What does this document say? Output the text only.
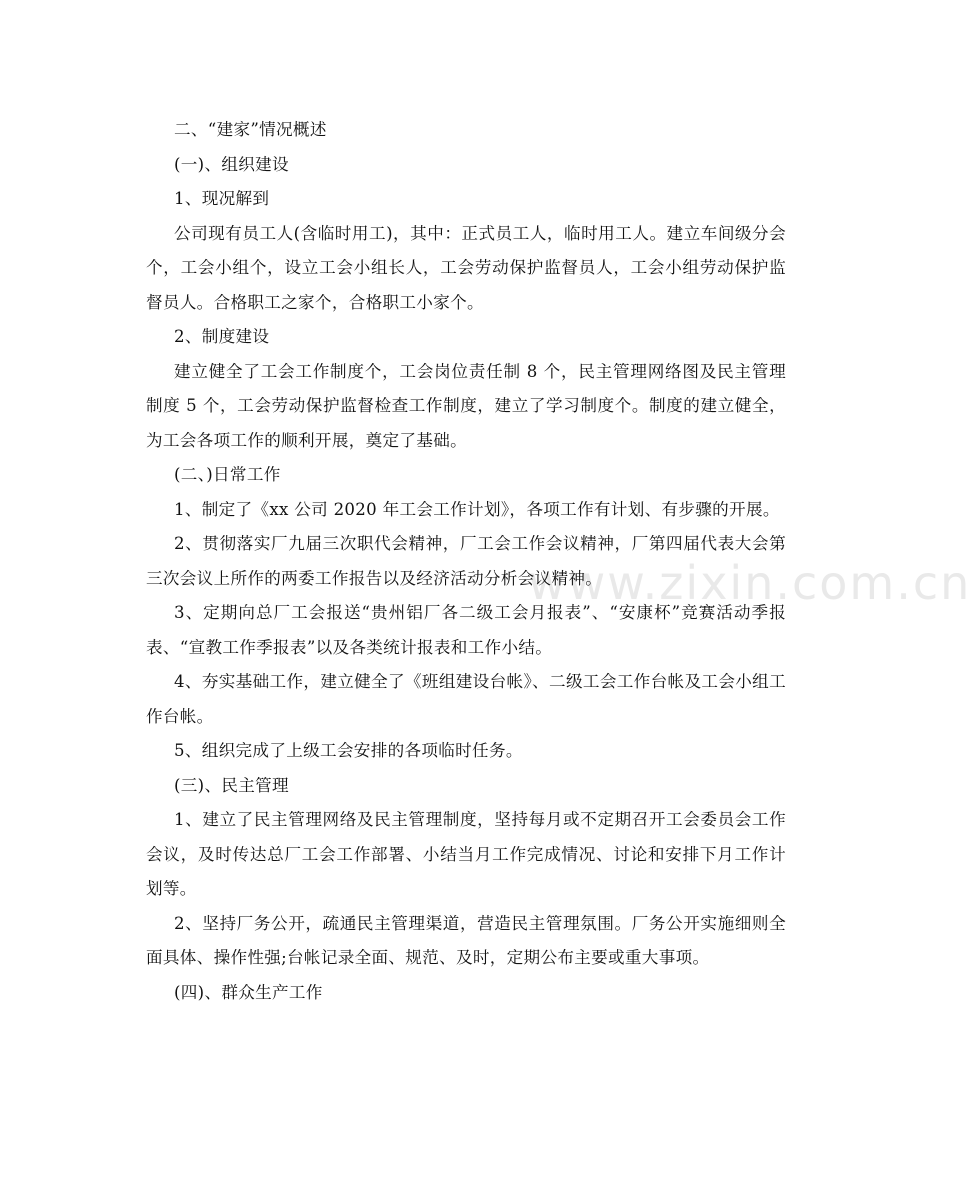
www.zixin.com.cn

二、“建家”情况概述

(一)、组织建设

1、现况解到

公司现有员工人(含临时用工)，其中：正式员工人，临时用工人。建立车间级分会个，工会小组个，设立工会小组长人，工会劳动保护监督员人，工会小组劳动保护监督员人。合格职工之家个，合格职工小家个。

2、制度建设

建立健全了工会工作制度个，工会岗位责任制 8 个，民主管理网络图及民主管理制度 5 个，工会劳动保护监督检查工作制度，建立了学习制度个。制度的建立健全，为工会各项工作的顺利开展，奠定了基础。

(二、)日常工作

1、制定了《xx 公司 2020 年工会工作计划》，各项工作有计划、有步骤的开展。

2、贯彻落实厂九届三次职代会精神，厂工会工作会议精神，厂第四届代表大会第三次会议上所作的两委工作报告以及经济活动分析会议精神。

3、定期向总厂工会报送“贵州铝厂各二级工会月报表”、“安康杯”竞赛活动季报表、“宣教工作季报表”以及各类统计报表和工作小结。

4、夯实基础工作，建立健全了《班组建设台帐》、二级工会工作台帐及工会小组工作台帐。

5、组织完成了上级工会安排的各项临时任务。

(三)、民主管理

1、建立了民主管理网络及民主管理制度，坚持每月或不定期召开工会委员会工作会议，及时传达总厂工会工作部署、小结当月工作完成情况、讨论和安排下月工作计划等。

2、坚持厂务公开，疏通民主管理渠道，营造民主管理氛围。厂务公开实施细则全面具体、操作性强;台帐记录全面、规范、及时，定期公布主要或重大事项。

(四)、群众生产工作
